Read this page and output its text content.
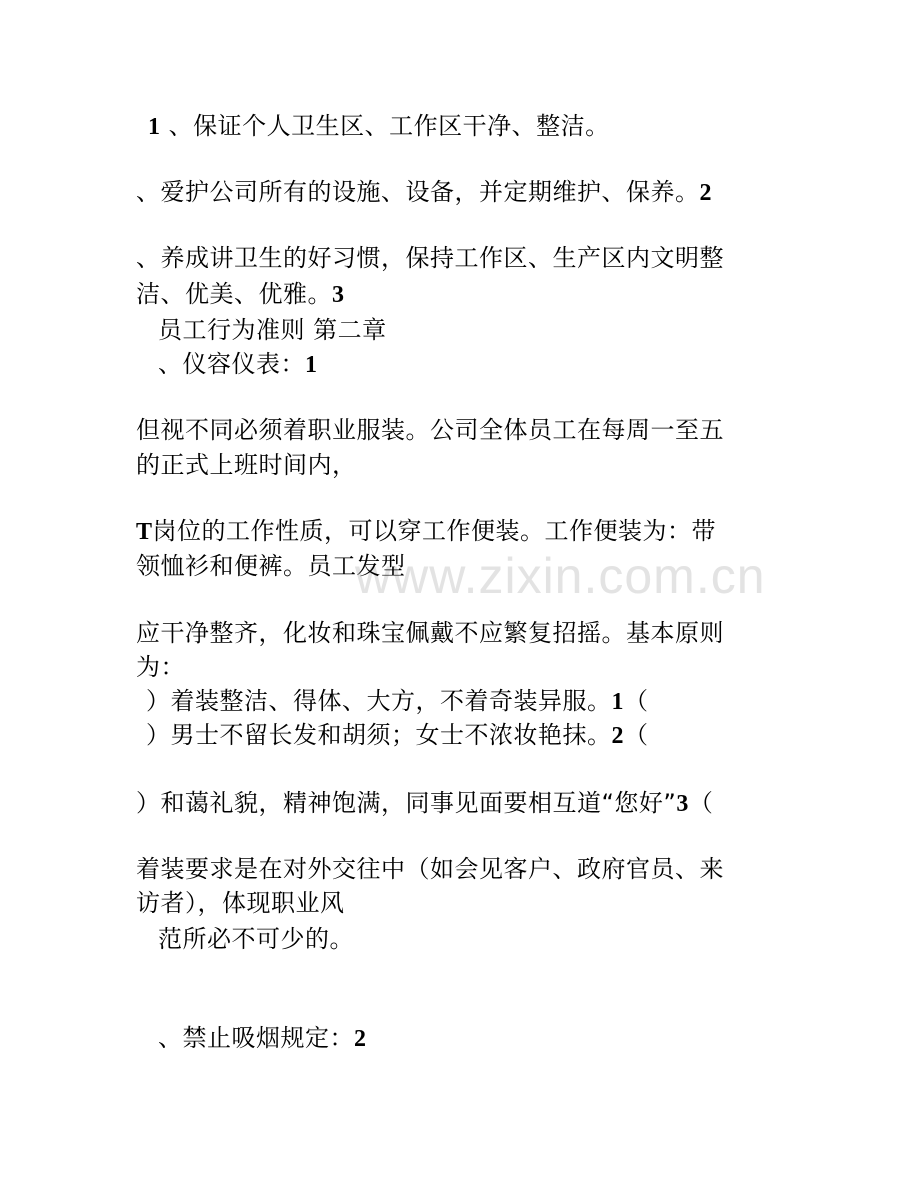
www.zixin.com.cn
1 、保证个人卫生区、工作区干净、整洁。
、爱护公司所有的设施、设备，并定期维护、保养。2
、养成讲卫生的好习惯，保持工作区、生产区内文明整
洁、优美、优雅。3
员工行为准则 第二章
、仪容仪表：1
但视不同必须着职业服装。公司全体员工在每周一至五
的正式上班时间内，
T岗位的工作性质，可以穿工作便装。工作便装为：带
领恤衫和便裤。员工发型
应干净整齐，化妆和珠宝佩戴不应繁复招摇。基本原则
为：
）着装整洁、得体、大方，不着奇装异服。1（
）男士不留长发和胡须；女士不浓妆艳抹。2（
）和蔼礼貌，精神饱满，同事见面要相互道“您好”3（
着装要求是在对外交往中（如会见客户、政府官员、来
访者），体现职业风
范所必不可少的。
、禁止吸烟规定：2
